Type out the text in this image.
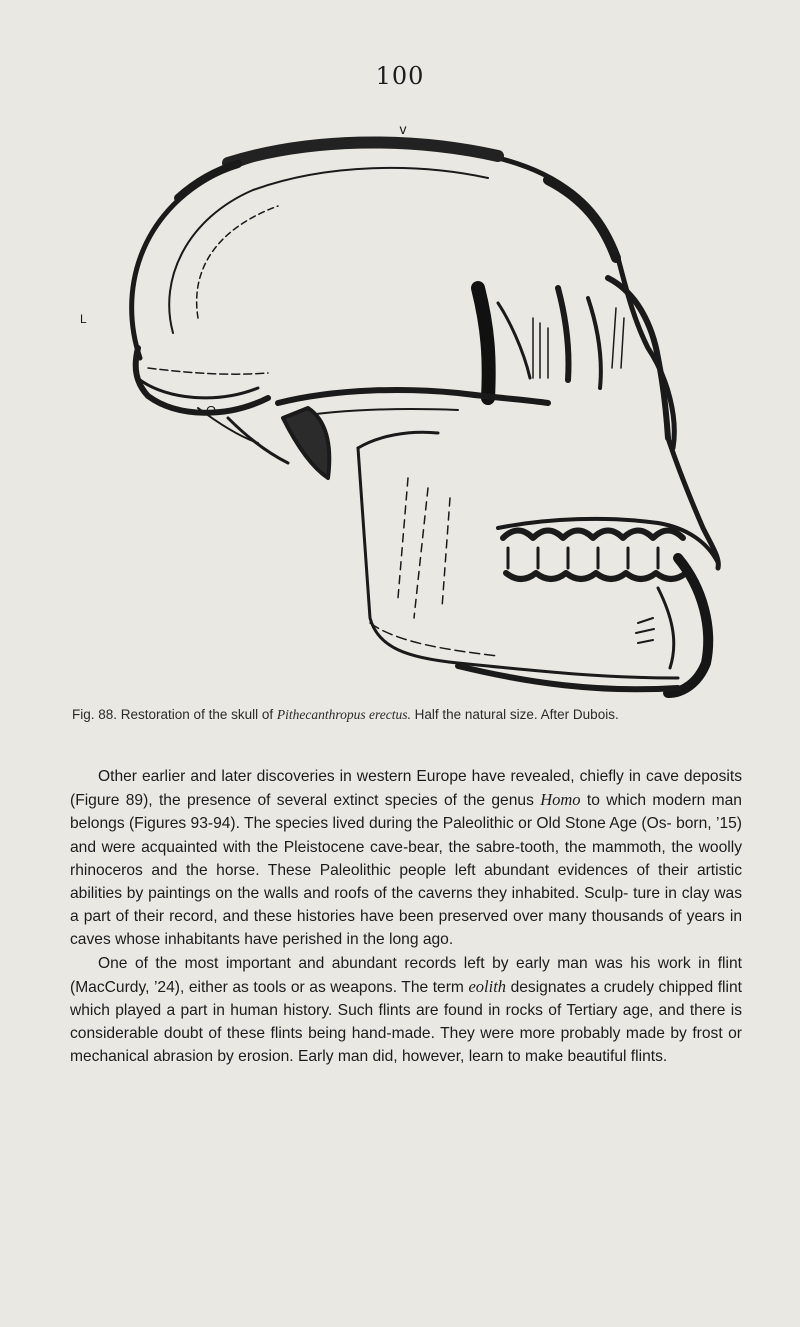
100
v
L
O
Fig. 88. Restoration of the skull of Pithecanthropus erectus. Half the natural size. After Dubois.

Other earlier and later discoveries in western Europe have revealed, chiefly in cave deposits (Figure 89), the presence of several extinct species of the genus Homo to which modern man belongs (Figures 93-94). The species lived during the Paleolithic or Old Stone Age (Os- born, ’15) and were acquainted with the Pleistocene cave-bear, the sabre-tooth, the mammoth, the woolly rhinoceros and the horse. These Paleolithic people left abundant evidences of their artistic abilities by paintings on the walls and roofs of the caverns they inhabited. Sculp- ture in clay was a part of their record, and these histories have been preserved over many thousands of years in caves whose inhabitants have perished in the long ago.

One of the most important and abundant records left by early man was his work in flint (MacCurdy, ’24), either as tools or as weapons. The term eolith designates a crudely chipped flint which played a part in human history. Such flints are found in rocks of Tertiary age, and there is considerable doubt of these flints being hand-made. They were more probably made by frost or mechanical abrasion by erosion. Early man did, however, learn to make beautiful flints.
